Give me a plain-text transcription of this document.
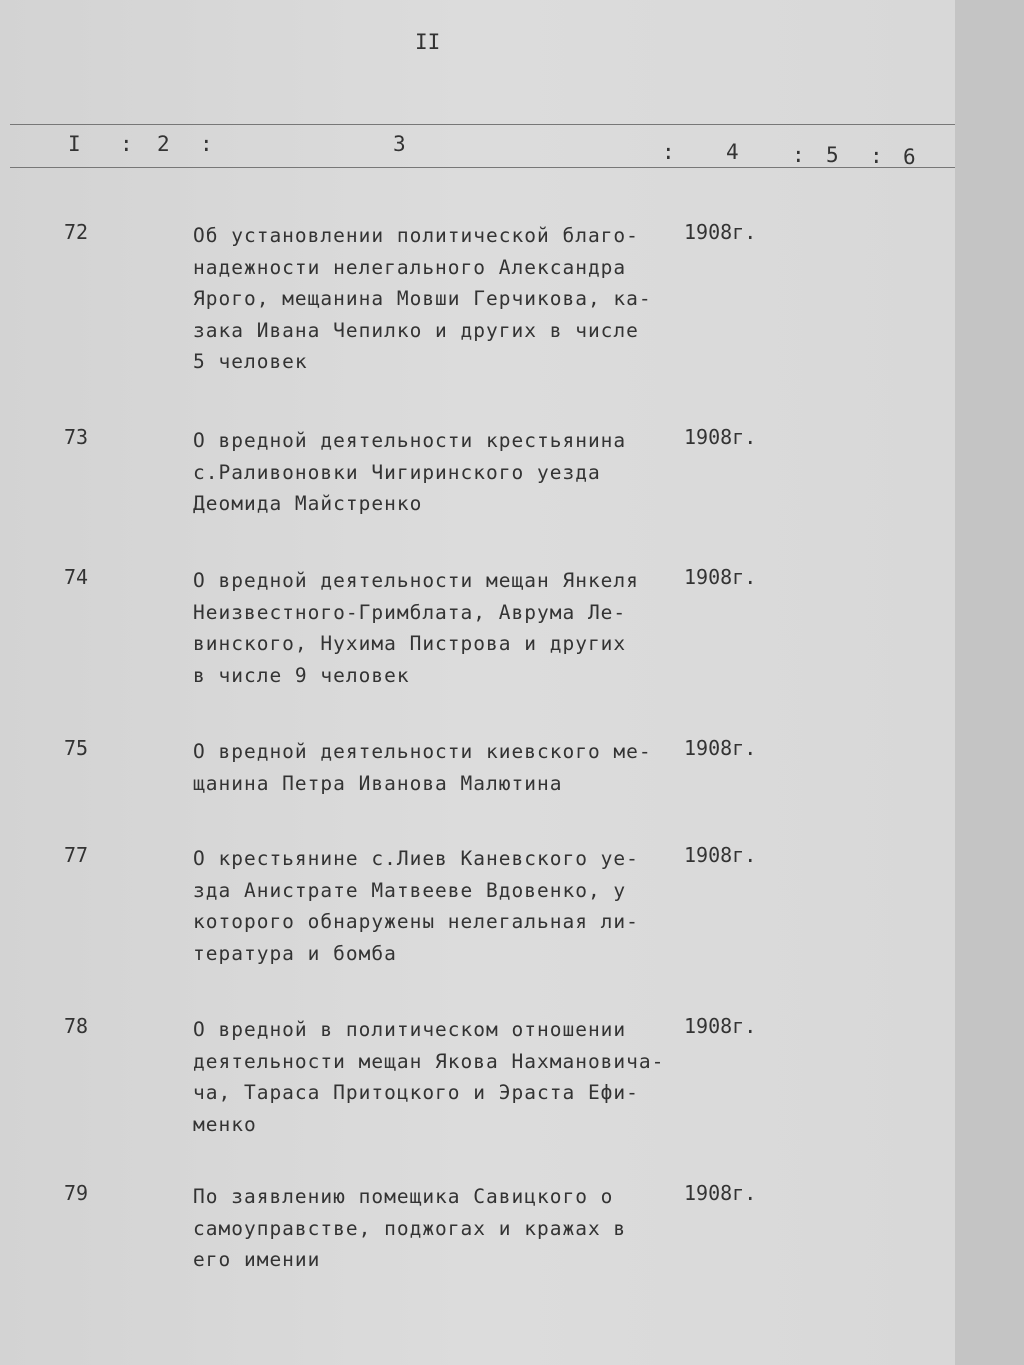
II
I : 2 :	3	: 4	: 5 : 6
72	Об установлении политической благо-
надежности нелегального Александра
Ярого, мещанина Мовши Герчикова, ка-
зака Ивана Чепилко и других в числе
5 человек
1908г.
73	О вредной деятельности крестьянина
с.Раливоновки Чигиринского уезда
Деомида Майстренко
1908г.
74	О вредной деятельности мещан Янкеля
Неизвестного-Гримблата, Аврума Ле-
винского, Нухима Пистрова и других
в числе 9 человек
1908г.
75	О вредной деятельности киевского ме-
щанина Петра Иванова Малютина
1908г.
77	О крестьянине с.Лиев Каневского уе-
зда Анистрате Матвееве Вдовенко, у
которого обнаружены нелегальная ли-
тература и бомба
1908г.
78	О вредной в политическом отношении
деятельности мещан Якова Нахмановича-
ча, Тараса Притоцкого и Эраста Ефи-
менко
1908г.
79	По заявлению помещика Савицкого о
самоуправстве, поджогах и кражах в
его имении
1908г.
